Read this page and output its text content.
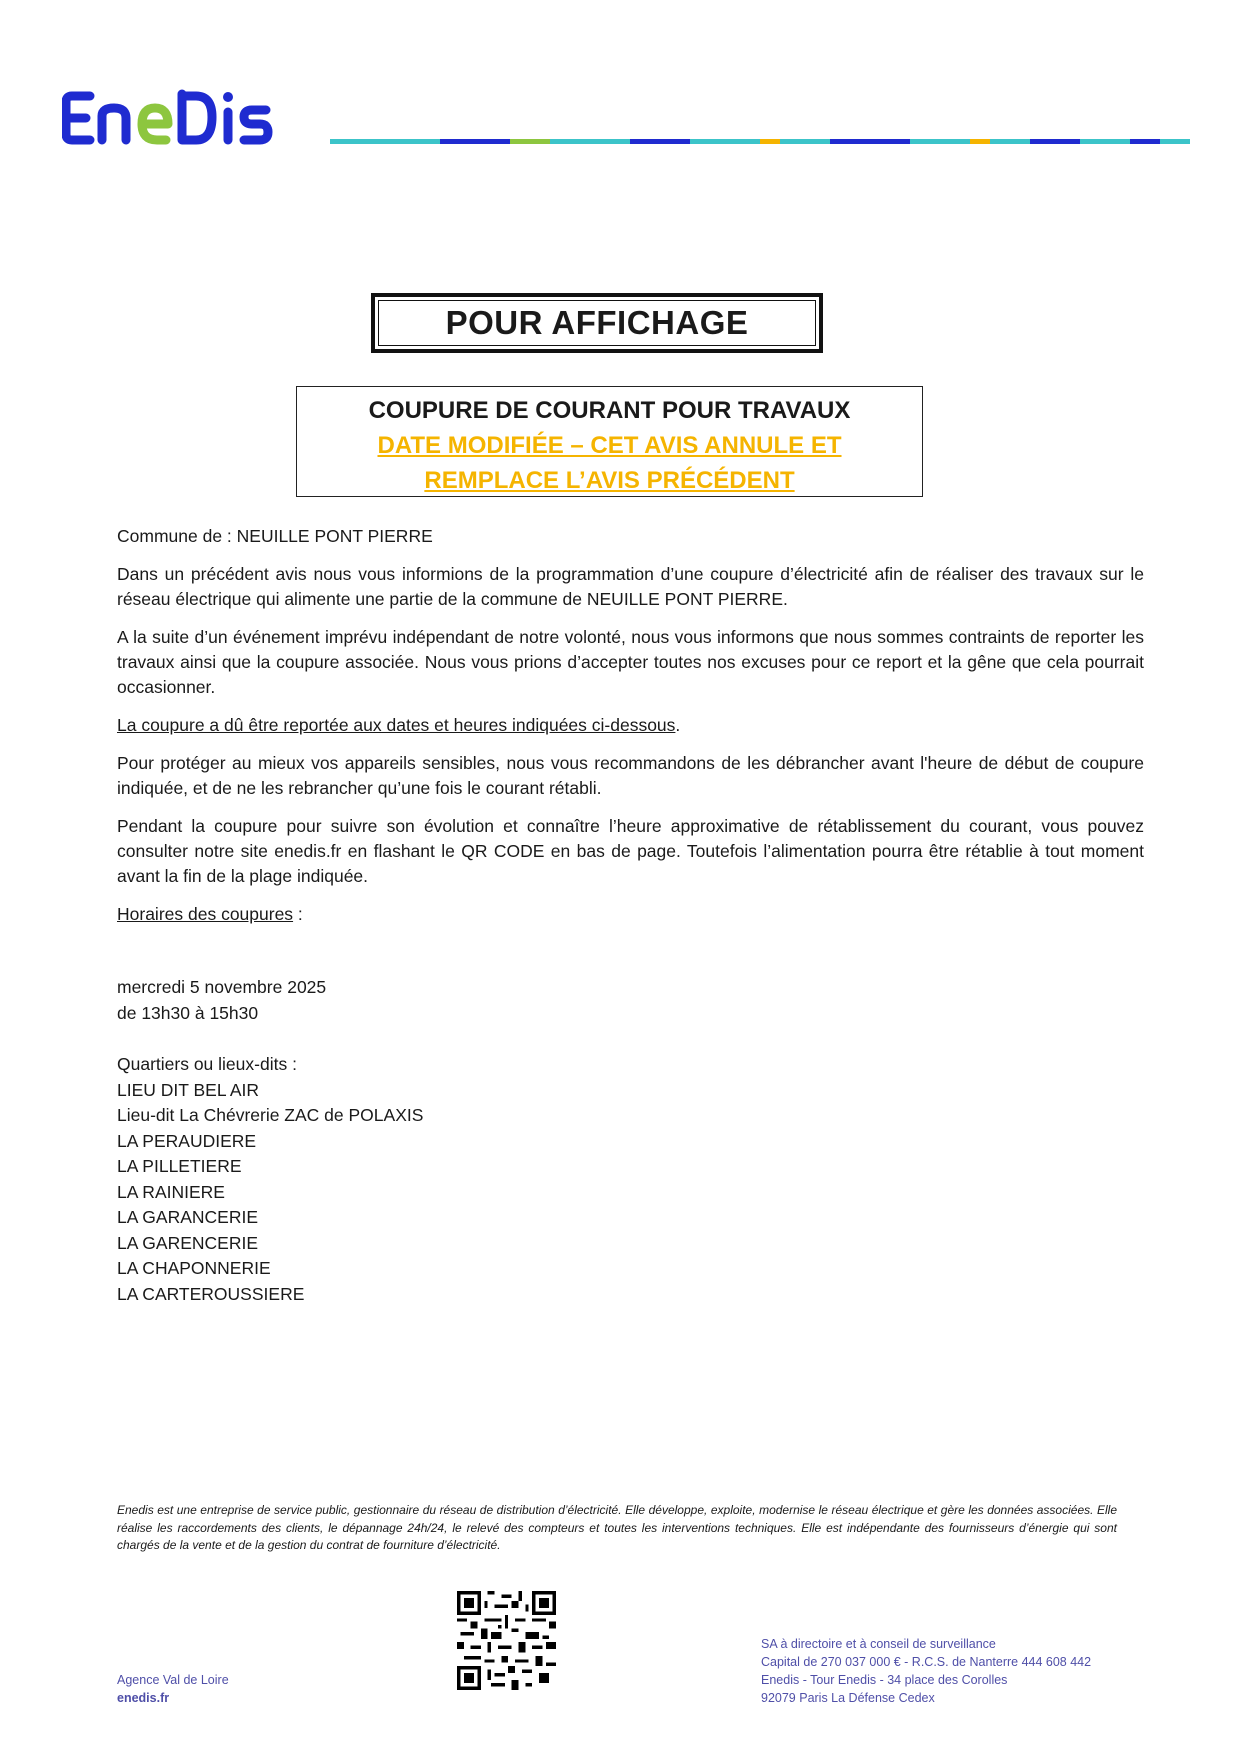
POUR AFFICHAGE
COUPURE DE COURANT POUR TRAVAUX
DATE MODIFIÉE – CET AVIS ANNULE ET REMPLACE L’AVIS PRÉCÉDENT

Commune de : NEUILLE PONT PIERRE

Dans un précédent avis nous vous informions de la programmation d’une coupure d’électricité afin de réaliser des travaux sur le réseau électrique qui alimente une partie de la commune de NEUILLE PONT PIERRE.

A la suite d’un événement imprévu indépendant de notre volonté, nous vous informons que nous sommes contraints de reporter les travaux ainsi que la coupure associée. Nous vous prions d’accepter toutes nos excuses pour ce report et la gêne que cela pourrait occasionner.

La coupure a dû être reportée aux dates et heures indiquées ci-dessous.

Pour protéger au mieux vos appareils sensibles, nous vous recommandons de les débrancher avant l'heure de début de coupure indiquée, et de ne les rebrancher qu’une fois le courant rétabli.

Pendant la coupure pour suivre son évolution et connaître l’heure approximative de rétablissement du courant, vous pouvez consulter notre site enedis.fr en flashant le QR CODE en bas de page. Toutefois l’alimentation pourra être rétablie à tout moment avant la fin de la plage indiquée.

Horaires des coupures :

mercredi 5 novembre 2025
de 13h30 à 15h30
Quartiers ou lieux-dits :
LIEU DIT BEL AIR
Lieu-dit La Chévrerie ZAC de POLAXIS
LA PERAUDIERE
LA PILLETIERE
LA RAINIERE
LA GARANCERIE
LA GARENCERIE
LA CHAPONNERIE
LA CARTEROUSSIERE
Enedis est une entreprise de service public, gestionnaire du réseau de distribution d’électricité. Elle développe, exploite, modernise le réseau électrique et gère les données associées. Elle réalise les raccordements des clients, le dépannage 24h/24, le relevé des compteurs et toutes les interventions techniques. Elle est indépendante des fournisseurs d’énergie qui sont chargés de la vente et de la gestion du contrat de fourniture d’électricité.
Agence Val de Loire
enedis.fr
SA à directoire et à conseil de surveillance
Capital de 270 037 000 € - R.C.S. de Nanterre 444 608 442
Enedis - Tour Enedis - 34 place des Corolles
92079 Paris La Défense Cedex
